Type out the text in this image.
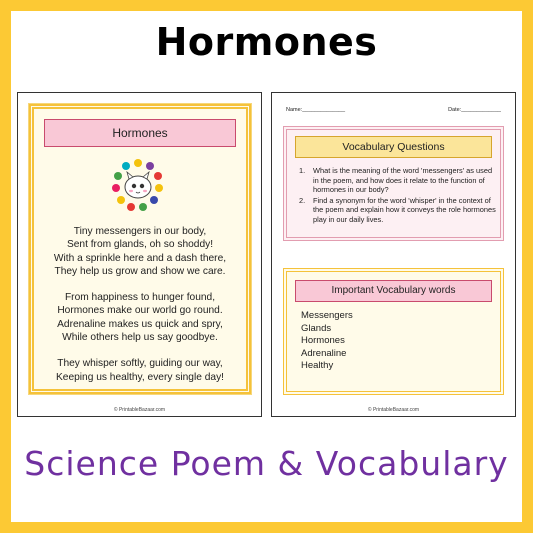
Hormones
Hormones
Tiny messengers in our body,
Sent from glands, oh so shoddy!
With a sprinkle here and a dash there,
They help us grow and show we care.
From happiness to hunger found,
Hormones make our world go round.
Adrenaline makes us quick and spry,
While others help us say goodbye.
They whisper softly, guiding our way,
Keeping us healthy, every single day!
© PrintableBazaar.com
Name:______________	Date:_____________
Vocabulary Questions
1.	What is the meaning of the word 'messengers' as used in the poem, and how does it relate to the function of hormones in our body?
2.	Find a synonym for the word 'whisper' in the context of the poem and explain how it conveys the role hormones play in our daily lives.
Important Vocabulary words
Messengers
Glands
Hormones
Adrenaline
Healthy
© PrintableBazaar.com
Science Poem & Vocabulary
